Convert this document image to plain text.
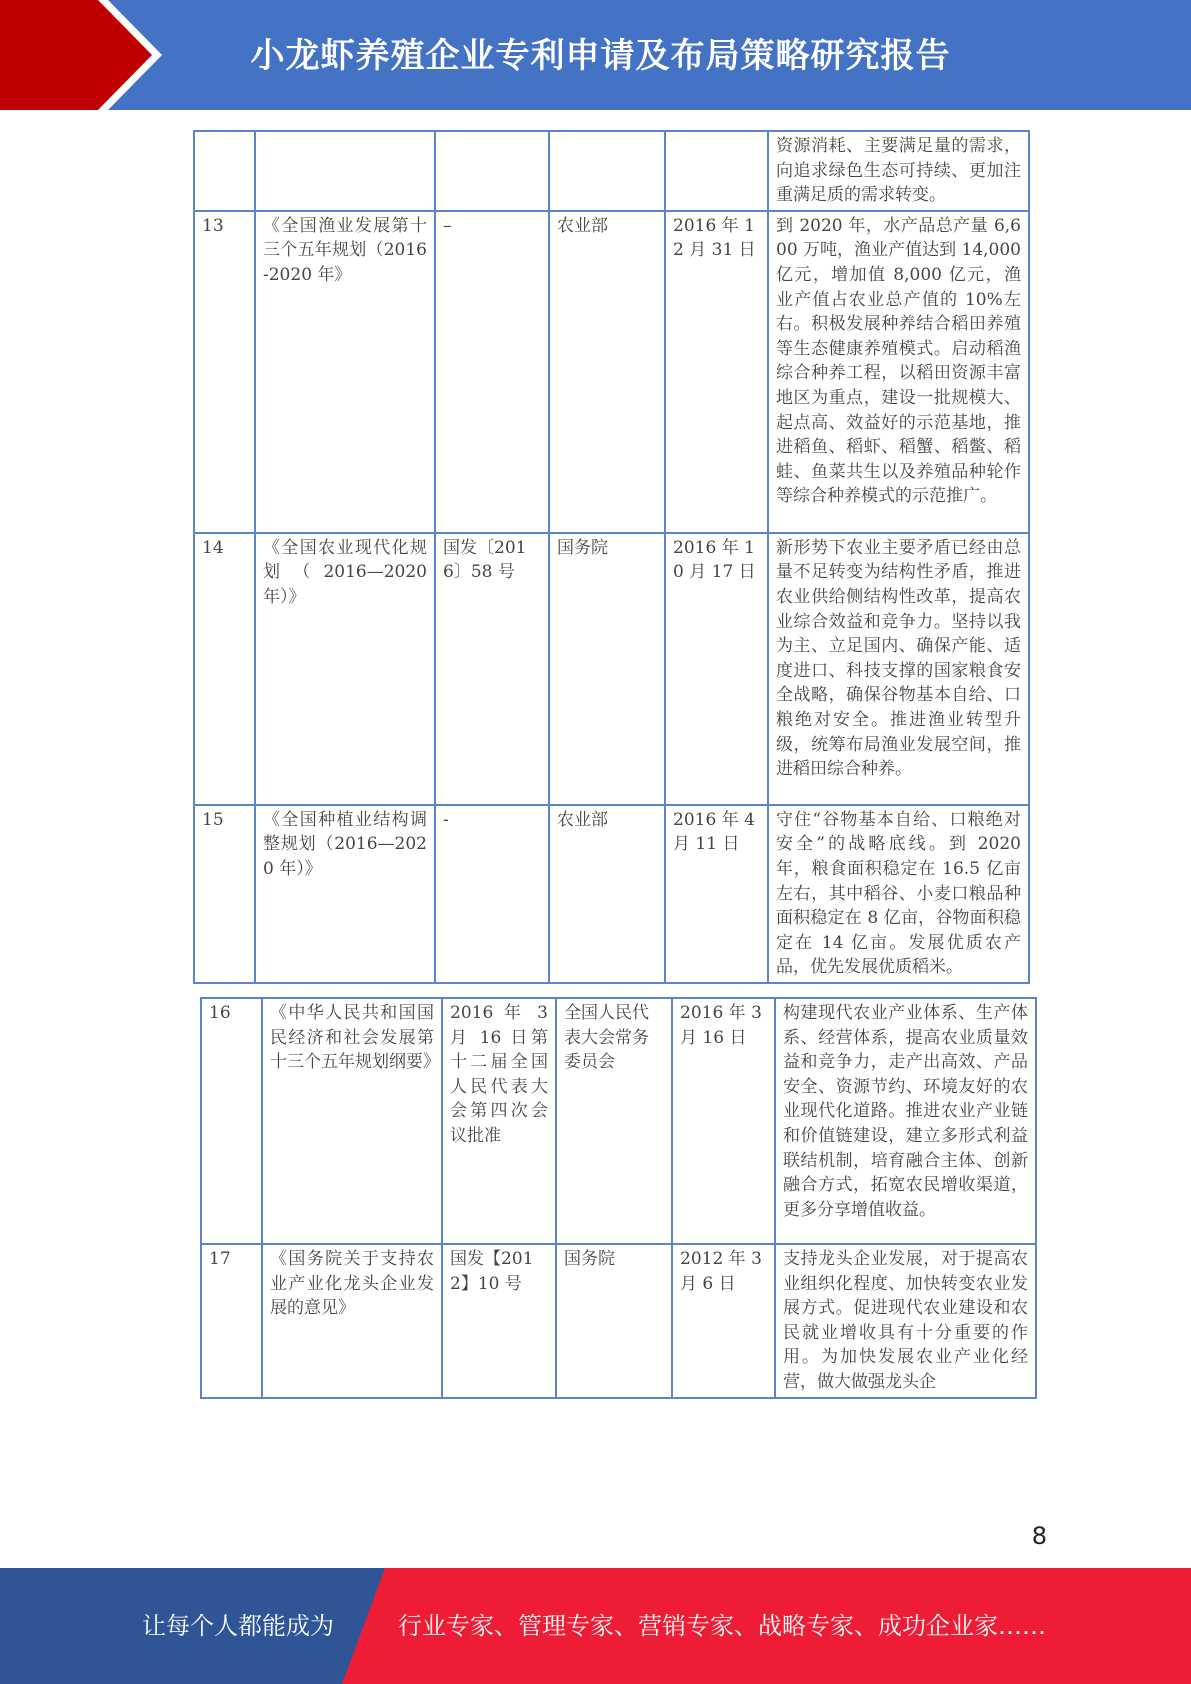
小龙虾养殖企业专利申请及布局策略研究报告
					资源消耗、主要满足量的需求，向追求绿色生态可持续、更加注重满足质的需求转变。
13	《全国渔业发展第十三个五年规划（2016-2020 年》	–	农业部	2016 年 12 月 31 日	到 2020 年，水产品总产量 6,600 万吨，渔业产值达到 14,000 亿元，增加值 8,000 亿元，渔业产值占农业总产值的 10%左右。积极发展种养结合稻田养殖等生态健康养殖模式。启动稻渔综合种养工程，以稻田资源丰富地区为重点，建设一批规模大、起点高、效益好的示范基地，推进稻鱼、稻虾、稻蟹、稻鳖、稻蛙、鱼菜共生以及养殖品种轮作等综合种养模式的示范推广。
14	《全国农业现代化规划（2016—2020 年）》	国发〔2016〕58 号	国务院	2016 年 10 月 17 日	新形势下农业主要矛盾已经由总量不足转变为结构性矛盾，推进农业供给侧结构性改革，提高农业综合效益和竞争力。坚持以我为主、立足国内、确保产能、适度进口、科技支撑的国家粮食安全战略，确保谷物基本自给、口粮绝对安全。推进渔业转型升级，统筹布局渔业发展空间，推进稻田综合种养。
15	《全国种植业结构调整规划（2016—2020 年）》	-	农业部	2016 年 4 月 11 日	守住“谷物基本自给、口粮绝对安全”的战略底线。到 2020 年，粮食面积稳定在 16.5 亿亩左右，其中稻谷、小麦口粮品种面积稳定在 8 亿亩，谷物面积稳定在 14 亿亩。发展优质农产品，优先发展优质稻米。
16	《中华人民共和国国民经济和社会发展第十三个五年规划纲要》	2016 年 3 月 16 日第十二届全国人民代表大会第四次会议批准	全国人民代表大会常务委员会	2016 年 3 月 16 日	构建现代农业产业体系、生产体系、经营体系，提高农业质量效益和竞争力，走产出高效、产品安全、资源节约、环境友好的农业现代化道路。推进农业产业链和价值链建设，建立多形式利益联结机制，培育融合主体、创新融合方式，拓宽农民增收渠道，更多分享增值收益。
17	《国务院关于支持农业产业化龙头企业发展的意见》	国发【2012】10 号	国务院	2012 年 3 月 6 日	支持龙头企业发展，对于提高农业组织化程度、加快转变农业发展方式。促进现代农业建设和农民就业增收具有十分重要的作用。为加快发展农业产业化经营，做大做强龙头企
8
让每个人都能成为	行业专家、管理专家、营销专家、战略专家、成功企业家……
